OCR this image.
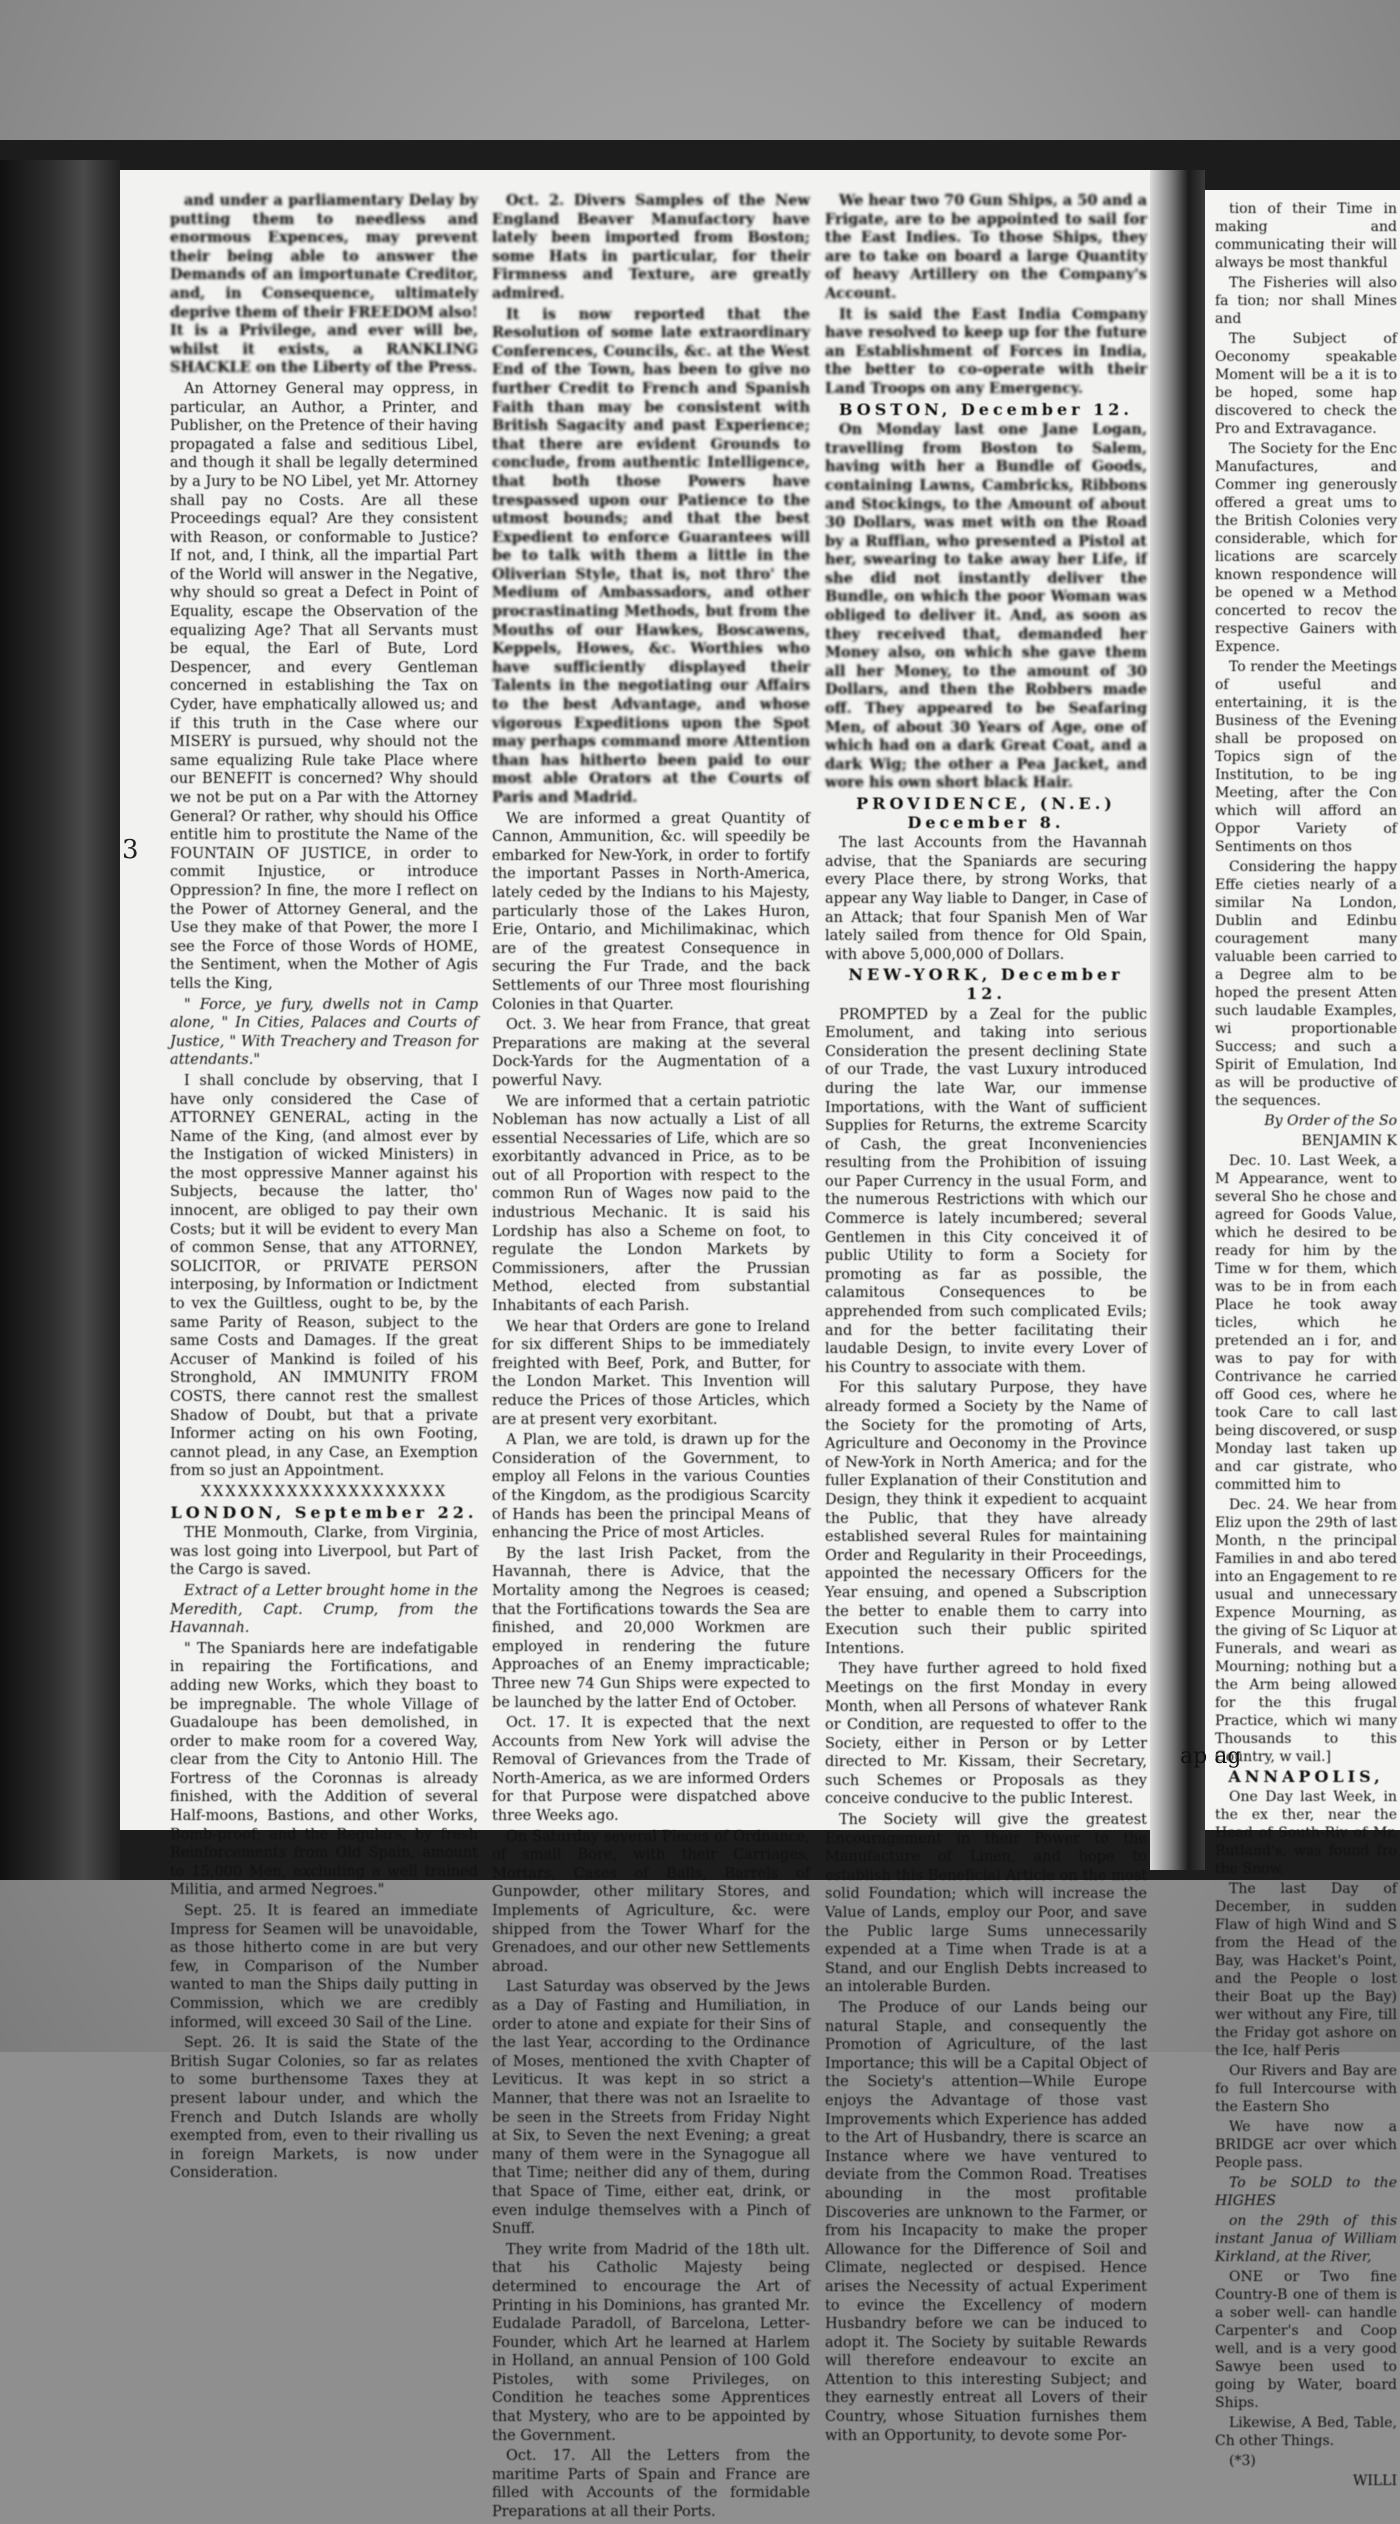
and under a parliamentary Delay by putting them to needless and enormous Expences, may prevent their being able to answer the Demands of an importunate Creditor, and, in Consequence, ultimately deprive them of their FREEDOM also! It is a Privilege, and ever will be, whilst it exists, a RANKLING SHACKLE on the Liberty of the Press.

An Attorney General may oppress, in particular, an Author, a Printer, and Publisher, on the Pretence of their having propagated a false and seditious Libel, and though it shall be legally determined by a Jury to be NO Libel, yet Mr. Attorney shall pay no Costs. Are all these Proceedings equal? Are they consistent with Reason, or conformable to Justice? If not, and, I think, all the impartial Part of the World will answer in the Negative, why should so great a Defect in Point of Equality, escape the Observation of the equalizing Age? That all Servants must be equal, the Earl of Bute, Lord Despencer, and every Gentleman concerned in establishing the Tax on Cyder, have emphatically allowed us; and if this truth in the Case where our MISERY is pursued, why should not the same equalizing Rule take Place where our BENEFIT is concerned? Why should we not be put on a Par with the Attorney General? Or rather, why should his Office entitle him to prostitute the Name of the FOUNTAIN OF JUSTICE, in order to commit Injustice, or introduce Oppression? In fine, the more I reflect on the Power of Attorney General, and the Use they make of that Power, the more I see the Force of those Words of HOME, the Sentiment, when the Mother of Agis tells the King,

" Force, ye fury, dwells not in Camp alone, " In Cities, Palaces and Courts of Justice, " With Treachery and Treason for attendants."

I shall conclude by observing, that I have only considered the Case of ATTORNEY GENERAL, acting in the Name of the King, (and almost ever by the Instigation of wicked Ministers) in the most oppressive Manner against his Subjects, because the latter, tho' innocent, are obliged to pay their own Costs; but it will be evident to every Man of common Sense, that any ATTORNEY, SOLICITOR, or PRIVATE PERSON interposing, by Information or Indictment to vex the Guiltless, ought to be, by the same Parity of Reason, subject to the same Costs and Damages. If the great Accuser of Mankind is foiled of his Stronghold, AN IMMUNITY FROM COSTS, there cannot rest the smallest Shadow of Doubt, but that a private Informer acting on his own Footing, cannot plead, in any Case, an Exemption from so just an Appointment.

XXXXXXXXXXXXXXXXXXXX

LONDON, September 22.

THE Monmouth, Clarke, from Virginia, was lost going into Liverpool, but Part of the Cargo is saved.

Extract of a Letter brought home in the Meredith, Capt. Crump, from the Havannah.

" The Spaniards here are indefatigable in repairing the Fortifications, and adding new Works, which they boast to be impregnable. The whole Village of Guadaloupe has been demolished, in order to make room for a covered Way, clear from the City to Antonio Hill. The Fortress of the Coronnas is already finished, with the Addition of several Half-moons, Bastions, and other Works, Bomb-proof; and the Regulars, by fresh Reinforcements from Old Spain, amount to 15,000 Men, excluding a well trained Militia, and armed Negroes."

Sept. 25. It is feared an immediate Impress for Seamen will be unavoidable, as those hitherto come in are but very few, in Comparison of the Number wanted to man the Ships daily putting in Commission, which we are credibly informed, will exceed 30 Sail of the Line.

Sept. 26. It is said the State of the British Sugar Colonies, so far as relates to some burthensome Taxes they at present labour under, and which the French and Dutch Islands are wholly exempted from, even to their rivalling us in foreign Markets, is now under Consideration.

Oct. 2. Divers Samples of the New England Beaver Manufactory have lately been imported from Boston; some Hats in particular, for their Firmness and Texture, are greatly admired.

It is now reported that the Resolution of some late extraordinary Conferences, Councils, &c. at the West End of the Town, has been to give no further Credit to French and Spanish Faith than may be consistent with British Sagacity and past Experience; that there are evident Grounds to conclude, from authentic Intelligence, that both those Powers have trespassed upon our Patience to the utmost bounds; and that the best Expedient to enforce Guarantees will be to talk with them a little in the Oliverian Style, that is, not thro' the Medium of Ambassadors, and other procrastinating Methods, but from the Mouths of our Hawkes, Boscawens, Keppels, Howes, &c. Worthies who have sufficiently displayed their Talents in the negotiating our Affairs to the best Advantage, and whose vigorous Expeditions upon the Spot may perhaps command more Attention than has hitherto been paid to our most able Orators at the Courts of Paris and Madrid.

We are informed a great Quantity of Cannon, Ammunition, &c. will speedily be embarked for New-York, in order to fortify the important Passes in North-America, lately ceded by the Indians to his Majesty, particularly those of the Lakes Huron, Erie, Ontario, and Michilimakinac, which are of the greatest Consequence in securing the Fur Trade, and the back Settlements of our Three most flourishing Colonies in that Quarter.

Oct. 3. We hear from France, that great Preparations are making at the several Dock-Yards for the Augmentation of a powerful Navy.

We are informed that a certain patriotic Nobleman has now actually a List of all essential Necessaries of Life, which are so exorbitantly advanced in Price, as to be out of all Proportion with respect to the common Run of Wages now paid to the industrious Mechanic. It is said his Lordship has also a Scheme on foot, to regulate the London Markets by Commissioners, after the Prussian Method, elected from substantial Inhabitants of each Parish.

We hear that Orders are gone to Ireland for six different Ships to be immediately freighted with Beef, Pork, and Butter, for the London Market. This Invention will reduce the Prices of those Articles, which are at present very exorbitant.

A Plan, we are told, is drawn up for the Consideration of the Government, to employ all Felons in the various Counties of the Kingdom, as the prodigious Scarcity of Hands has been the principal Means of enhancing the Price of most Articles.

By the last Irish Packet, from the Havannah, there is Advice, that the Mortality among the Negroes is ceased; that the Fortifications towards the Sea are finished, and 20,000 Workmen are employed in rendering the future Approaches of an Enemy impracticable; Three new 74 Gun Ships were expected to be launched by the latter End of October.

Oct. 17. It is expected that the next Accounts from New York will advise the Removal of Grievances from the Trade of North-America, as we are informed Orders for that Purpose were dispatched above three Weeks ago.

On Saturday several Pieces of Ordnance, of small Bore, with their Carriages, Mortars, Cases of Balls, Barrels of Gunpowder, other military Stores, and Implements of Agriculture, &c. were shipped from the Tower Wharf for the Grenadoes, and our other new Settlements abroad.

Last Saturday was observed by the Jews as a Day of Fasting and Humiliation, in order to atone and expiate for their Sins of the last Year, according to the Ordinance of Moses, mentioned the xvith Chapter of Leviticus. It was kept in so strict a Manner, that there was not an Israelite to be seen in the Streets from Friday Night at Six, to Seven the next Evening; a great many of them were in the Synagogue all that Time; neither did any of them, during that Space of Time, either eat, drink, or even indulge themselves with a Pinch of Snuff.

They write from Madrid of the 18th ult. that his Catholic Majesty being determined to encourage the Art of Printing in his Dominions, has granted Mr. Eudalade Paradoll, of Barcelona, Letter-Founder, which Art he learned at Harlem in Holland, an annual Pension of 100 Gold Pistoles, with some Privileges, on Condition he teaches some Apprentices that Mystery, who are to be appointed by the Government.

Oct. 17. All the Letters from the maritime Parts of Spain and France are filled with Accounts of the formidable Preparations at all their Ports.

We hear two 70 Gun Ships, a 50 and a Frigate, are to be appointed to sail for the East Indies. To those Ships, they are to take on board a large Quantity of heavy Artillery on the Company's Account.

It is said the East India Company have resolved to keep up for the future an Establishment of Forces in India, the better to co-operate with their Land Troops on any Emergency.

BOSTON, December 12.

On Monday last one Jane Logan, travelling from Boston to Salem, having with her a Bundle of Goods, containing Lawns, Cambricks, Ribbons and Stockings, to the Amount of about 30 Dollars, was met with on the Road by a Ruffian, who presented a Pistol at her, swearing to take away her Life, if she did not instantly deliver the Bundle, on which the poor Woman was obliged to deliver it. And, as soon as they received that, demanded her Money also, on which she gave them all her Money, to the amount of 30 Dollars, and then the Robbers made off. They appeared to be Seafaring Men, of about 30 Years of Age, one of which had on a dark Great Coat, and a dark Wig; the other a Pea Jacket, and wore his own short black Hair.

PROVIDENCE, (N.E.) December 8.

The last Accounts from the Havannah advise, that the Spaniards are securing every Place there, by strong Works, that appear any Way liable to Danger, in Case of an Attack; that four Spanish Men of War lately sailed from thence for Old Spain, with above 5,000,000 of Dollars.

NEW-YORK, December 12.

PROMPTED by a Zeal for the public Emolument, and taking into serious Consideration the present declining State of our Trade, the vast Luxury introduced during the late War, our immense Importations, with the Want of sufficient Supplies for Returns, the extreme Scarcity of Cash, the great Inconveniencies resulting from the Prohibition of issuing our Paper Currency in the usual Form, and the numerous Restrictions with which our Commerce is lately incumbered; several Gentlemen in this City conceived it of public Utility to form a Society for promoting as far as possible, the calamitous Consequences to be apprehended from such complicated Evils; and for the better facilitating their laudable Design, to invite every Lover of his Country to associate with them.

For this salutary Purpose, they have already formed a Society by the Name of the Society for the promoting of Arts, Agriculture and Oeconomy in the Province of New-York in North America; and for the fuller Explanation of their Constitution and Design, they think it expedient to acquaint the Public, that they have already established several Rules for maintaining Order and Regularity in their Proceedings, appointed the necessary Officers for the Year ensuing, and opened a Subscription the better to enable them to carry into Execution such their public spirited Intentions.

They have further agreed to hold fixed Meetings on the first Monday in every Month, when all Persons of whatever Rank or Condition, are requested to offer to the Society, either in Person or by Letter directed to Mr. Kissam, their Secretary, such Schemes or Proposals as they conceive conducive to the public Interest.

The Society will give the greatest Encouragement in their Power to the Manufacture of Linen, and hope to establish this Beneficial Article on the most solid Foundation; which will increase the Value of Lands, employ our Poor, and save the Public large Sums unnecessarily expended at a Time when Trade is at a Stand, and our English Debts increased to an intolerable Burden.

The Produce of our Lands being our natural Staple, and consequently the Promotion of Agriculture, of the last Importance; this will be a Capital Object of the Society's attention—While Europe enjoys the Advantage of those vast Improvements which Experience has added to the Art of Husbandry, there is scarce an Instance where we have ventured to deviate from the Common Road. Treatises abounding in the most profitable Discoveries are unknown to the Farmer, or from his Incapacity to make the proper Allowance for the Difference of Soil and Climate, neglected or despised. Hence arises the Necessity of actual Experiment to evince the Excellency of modern Husbandry before we can be induced to adopt it. The Society by suitable Rewards will therefore endeavour to excite an Attention to this interesting Subject; and they earnestly entreat all Lovers of their Country, whose Situation furnishes them with an Opportunity, to devote some Por-

3

tion of their Time in making and communicating their will always be most thankful

The Fisheries will also fa tion; nor shall Mines and

The Subject of Oeconomy speakable Moment will be a it is to be hoped, some hap discovered to check the Pro and Extravagance.

The Society for the Enc Manufactures, and Commer ing generously offered a great ums to the British Colonies very considerable, which for lications are scarcely known respondence will be opened w a Method concerted to recov the respective Gainers with Expence.

To render the Meetings of useful and entertaining, it is the Business of the Evening shall be proposed on Topics sign of the Institution, to be ing Meeting, after the Con which will afford an Oppor Variety of Sentiments on thos

Considering the happy Effe cieties nearly of a similar Na London, Dublin and Edinbu couragement many valuable been carried to a Degree alm to be hoped the present Atten such laudable Examples, wi proportionable Success; and such a Spirit of Emulation, Ind as will be productive of the sequences.

By Order of the So

BENJAMIN K

Dec. 10. Last Week, a M Appearance, went to several Sho he chose and agreed for Goods Value, which he desired to be ready for him by the Time w for them, which was to be in from each Place he took away ticles, which he pretended an i for, and was to pay for with Contrivance he carried off Good ces, where he took Care to call last being discovered, or susp Monday last taken up and car gistrate, who committed him to

Dec. 24. We hear from Eliz upon the 29th of last Month, n the principal Families in and abo tered into an Engagement to re usual and unnecessary Expence Mourning, as the giving of Sc Liquor at Funerals, and weari as Mourning; nothing but a the Arm being allowed for the this frugal Practice, which wi many Thousands to this Country, w vail.]

ANNAPOLIS,

One Day last Week, in the ex ther, near the Head of South-Riv of Mr. Rutland's, was found fro the Snow.

The last Day of December, in sudden Flaw of high Wind and S from the Head of the Bay, was Hacket's Point, and the People o lost their Boat up the Bay) wer without any Fire, till the Friday got ashore on the Ice, half Peris

Our Rivers and Bay are fo full Intercourse with the Eastern Sho

We have now a BRIDGE acr over which People pass.

To be SOLD to the HIGHES

on the 29th of this instant Janua of William Kirkland, at the River,

ONE or Two fine Country-B one of them is a sober well- can handle Carpenter's and Coop well, and is a very good Sawye been used to going by Water, board Ships.

Likewise, A Bed, Table, Ch other Things.

(*3)

WILLI

ap ag
